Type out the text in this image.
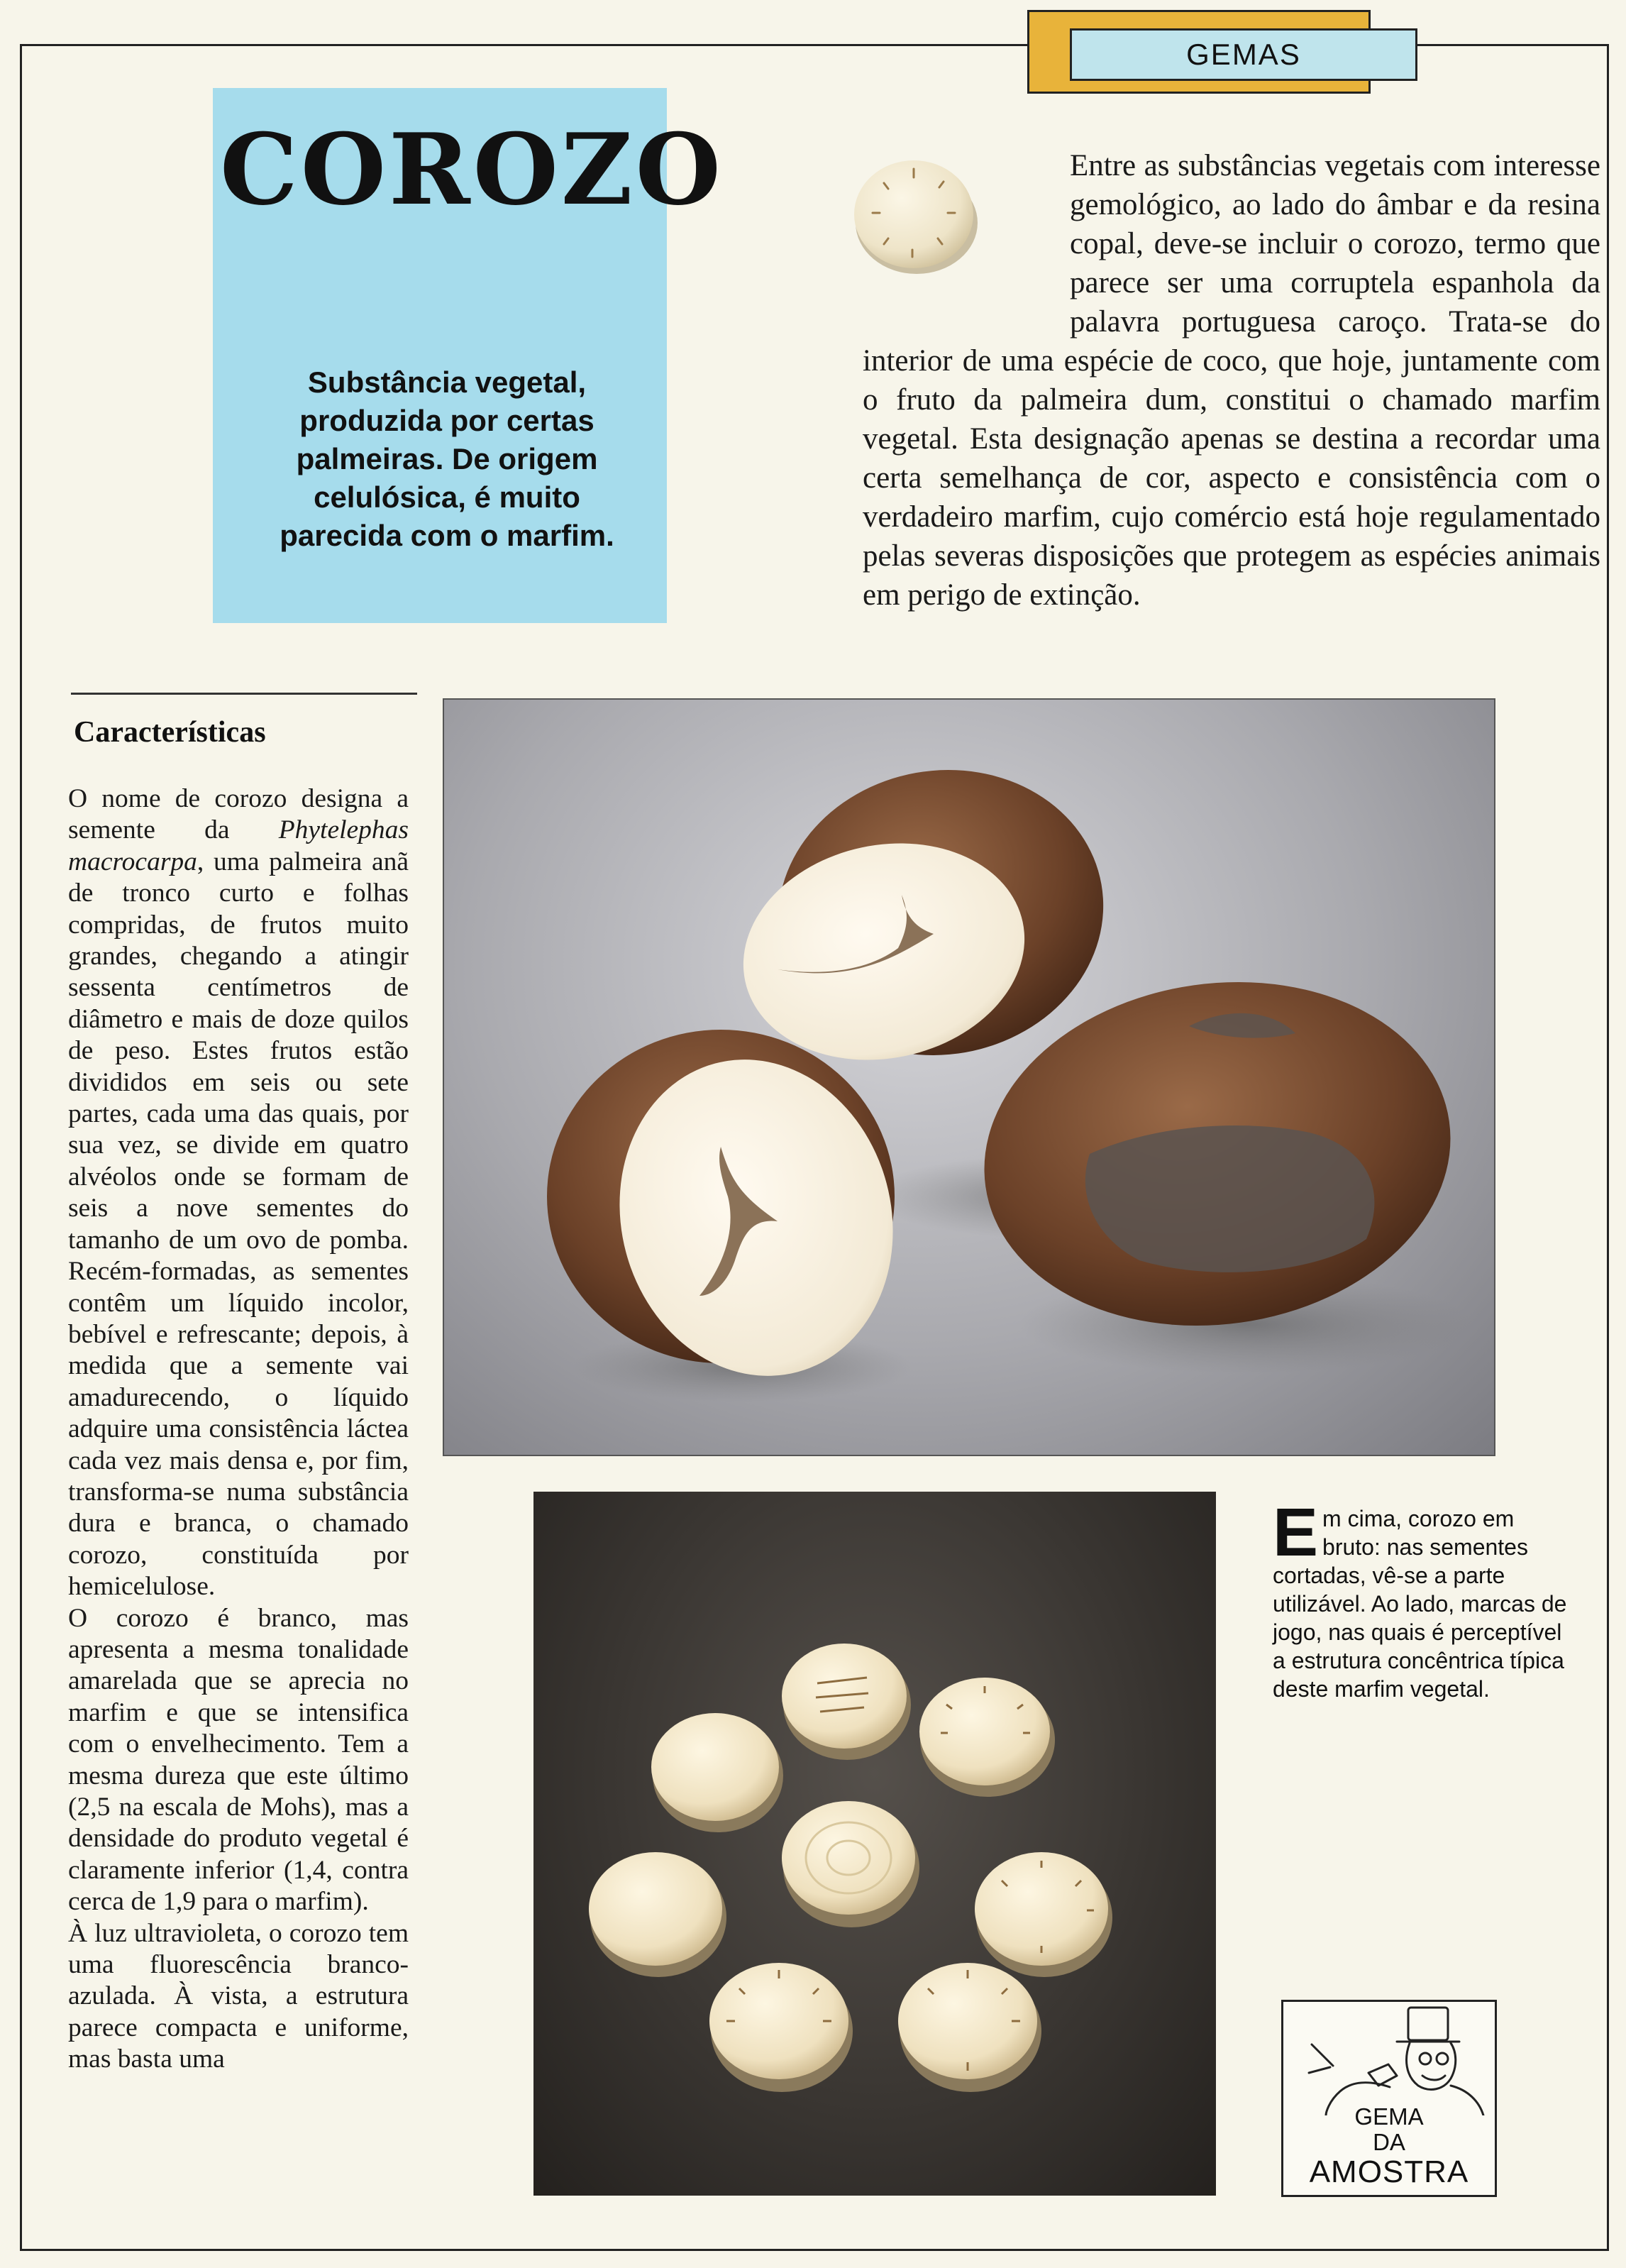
GEMAS
COROZO
Substância vegetal, produzida por certas palmeiras. De origem celulósica, é muito parecida com o marfim.
Entre as substâncias vegetais com interesse gemológico, ao lado do âmbar e da resina copal, deve-se incluir o corozo, termo que parece ser uma corruptela espanhola da palavra portuguesa caroço. Trata-se do interior de uma espécie de coco, que hoje, juntamente com o fruto da palmeira dum, constitui o chamado marfim vegetal. Esta designação apenas se destina a recordar uma certa semelhança de cor, aspecto e consistência com o verdadeiro marfim, cujo comércio está hoje regulamentado pelas severas disposições que protegem as espécies animais em perigo de extinção.
Características

O nome de corozo designa a semente da Phytelephas macrocarpa, uma palmeira anã de tronco curto e folhas compridas, de frutos muito grandes, chegando a atingir sessenta centímetros de diâmetro e mais de doze quilos de peso. Estes frutos estão divididos em seis ou sete partes, cada uma das quais, por sua vez, se divide em quatro alvéolos onde se formam de seis a nove sementes do tamanho de um ovo de pomba. Recém-formadas, as sementes contêm um líquido incolor, bebível e refrescante; depois, à medida que a semente vai amadurecendo, o líquido adquire uma consistência láctea cada vez mais densa e, por fim, transforma-se numa substância dura e branca, o chamado corozo, constituída por hemicelulose.

O corozo é branco, mas apresenta a mesma tonalidade amarelada que se aprecia no marfim e que se intensifica com o envelhecimento. Tem a mesma dureza que este último (2,5 na escala de Mohs), mas a densidade do produto vegetal é claramente inferior (1,4, contra cerca de 1,9 para o marfim).

À luz ultravioleta, o corozo tem uma fluorescência branco-azulada. À vista, a estrutura parece compacta e uniforme, mas basta uma

Em cima, corozo em bruto: nas sementes cortadas, vê-se a parte utilizável. Ao lado, marcas de jogo, nas quais é perceptível a estrutura concêntrica típica deste marfim vegetal.
GEMA
DA
AMOSTRA
